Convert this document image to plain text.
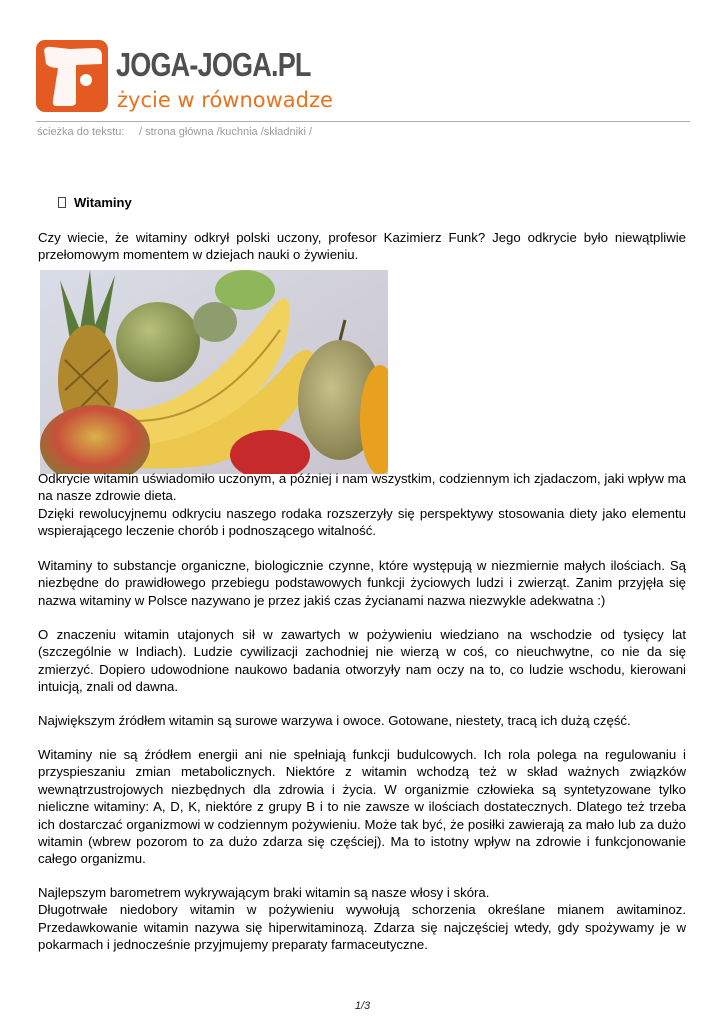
JOGA-JOGA.PL
życie w równowadze
ścieżka do tekstu: / strona główna /kuchnia /składniki /
Witaminy

Czy wiecie, że witaminy odkrył polski uczony, profesor Kazimierz Funk? Jego odkrycie było niewątpliwie przełomowym momentem w dziejach nauki o żywieniu.

Odkrycie witamin uświadomiło uczonym, a później i nam wszystkim, codziennym ich zjadaczom, jaki wpływ ma na nasze zdrowie dieta.
Dzięki rewolucyjnemu odkryciu naszego rodaka rozszerzyły się perspektywy stosowania diety jako elementu wspierającego leczenie chorób i podnoszącego witalność.

Witaminy to substancje organiczne, biologicznie czynne, które występują w niezmiernie małych ilościach. Są niezbędne do prawidłowego przebiegu podstawowych funkcji życiowych ludzi i zwierząt. Zanim przyjęła się nazwa witaminy w Polsce nazywano je przez jakiś czas życianami nazwa niezwykle adekwatna :)

O znaczeniu witamin utajonych sił w zawartych w pożywieniu wiedziano na wschodzie od tysięcy lat (szczególnie w Indiach). Ludzie cywilizacji zachodniej nie wierzą w coś, co nieuchwytne, co nie da się zmierzyć. Dopiero udowodnione naukowo badania otworzyły nam oczy na to, co ludzie wschodu, kierowani intuicją, znali od dawna.

Największym źródłem witamin są surowe warzywa i owoce. Gotowane, niestety, tracą ich dużą część.

Witaminy nie są źródłem energii ani nie spełniają funkcji budulcowych. Ich rola polega na regulowaniu i przyspieszaniu zmian metabolicznych. Niektóre z witamin wchodzą też w skład ważnych związków wewnątrzustrojowych niezbędnych dla zdrowia i życia. W organizmie człowieka są syntetyzowane tylko nieliczne witaminy: A, D, K, niektóre z grupy B i to nie zawsze w ilościach dostatecznych. Dlatego też trzeba ich dostarczać organizmowi w codziennym pożywieniu. Może tak być, że posiłki zawierają za mało lub za dużo witamin (wbrew pozorom to za dużo zdarza się częściej). Ma to istotny wpływ na zdrowie i funkcjonowanie całego organizmu.

Najlepszym barometrem wykrywającym braki witamin są nasze włosy i skóra.
Długotrwałe niedobory witamin w pożywieniu wywołują schorzenia określane mianem awitaminoz. Przedawkowanie witamin nazywa się hiperwitaminozą. Zdarza się najczęściej wtedy, gdy spożywamy je w pokarmach i jednocześnie przyjmujemy preparaty farmaceutyczne.

1/3
